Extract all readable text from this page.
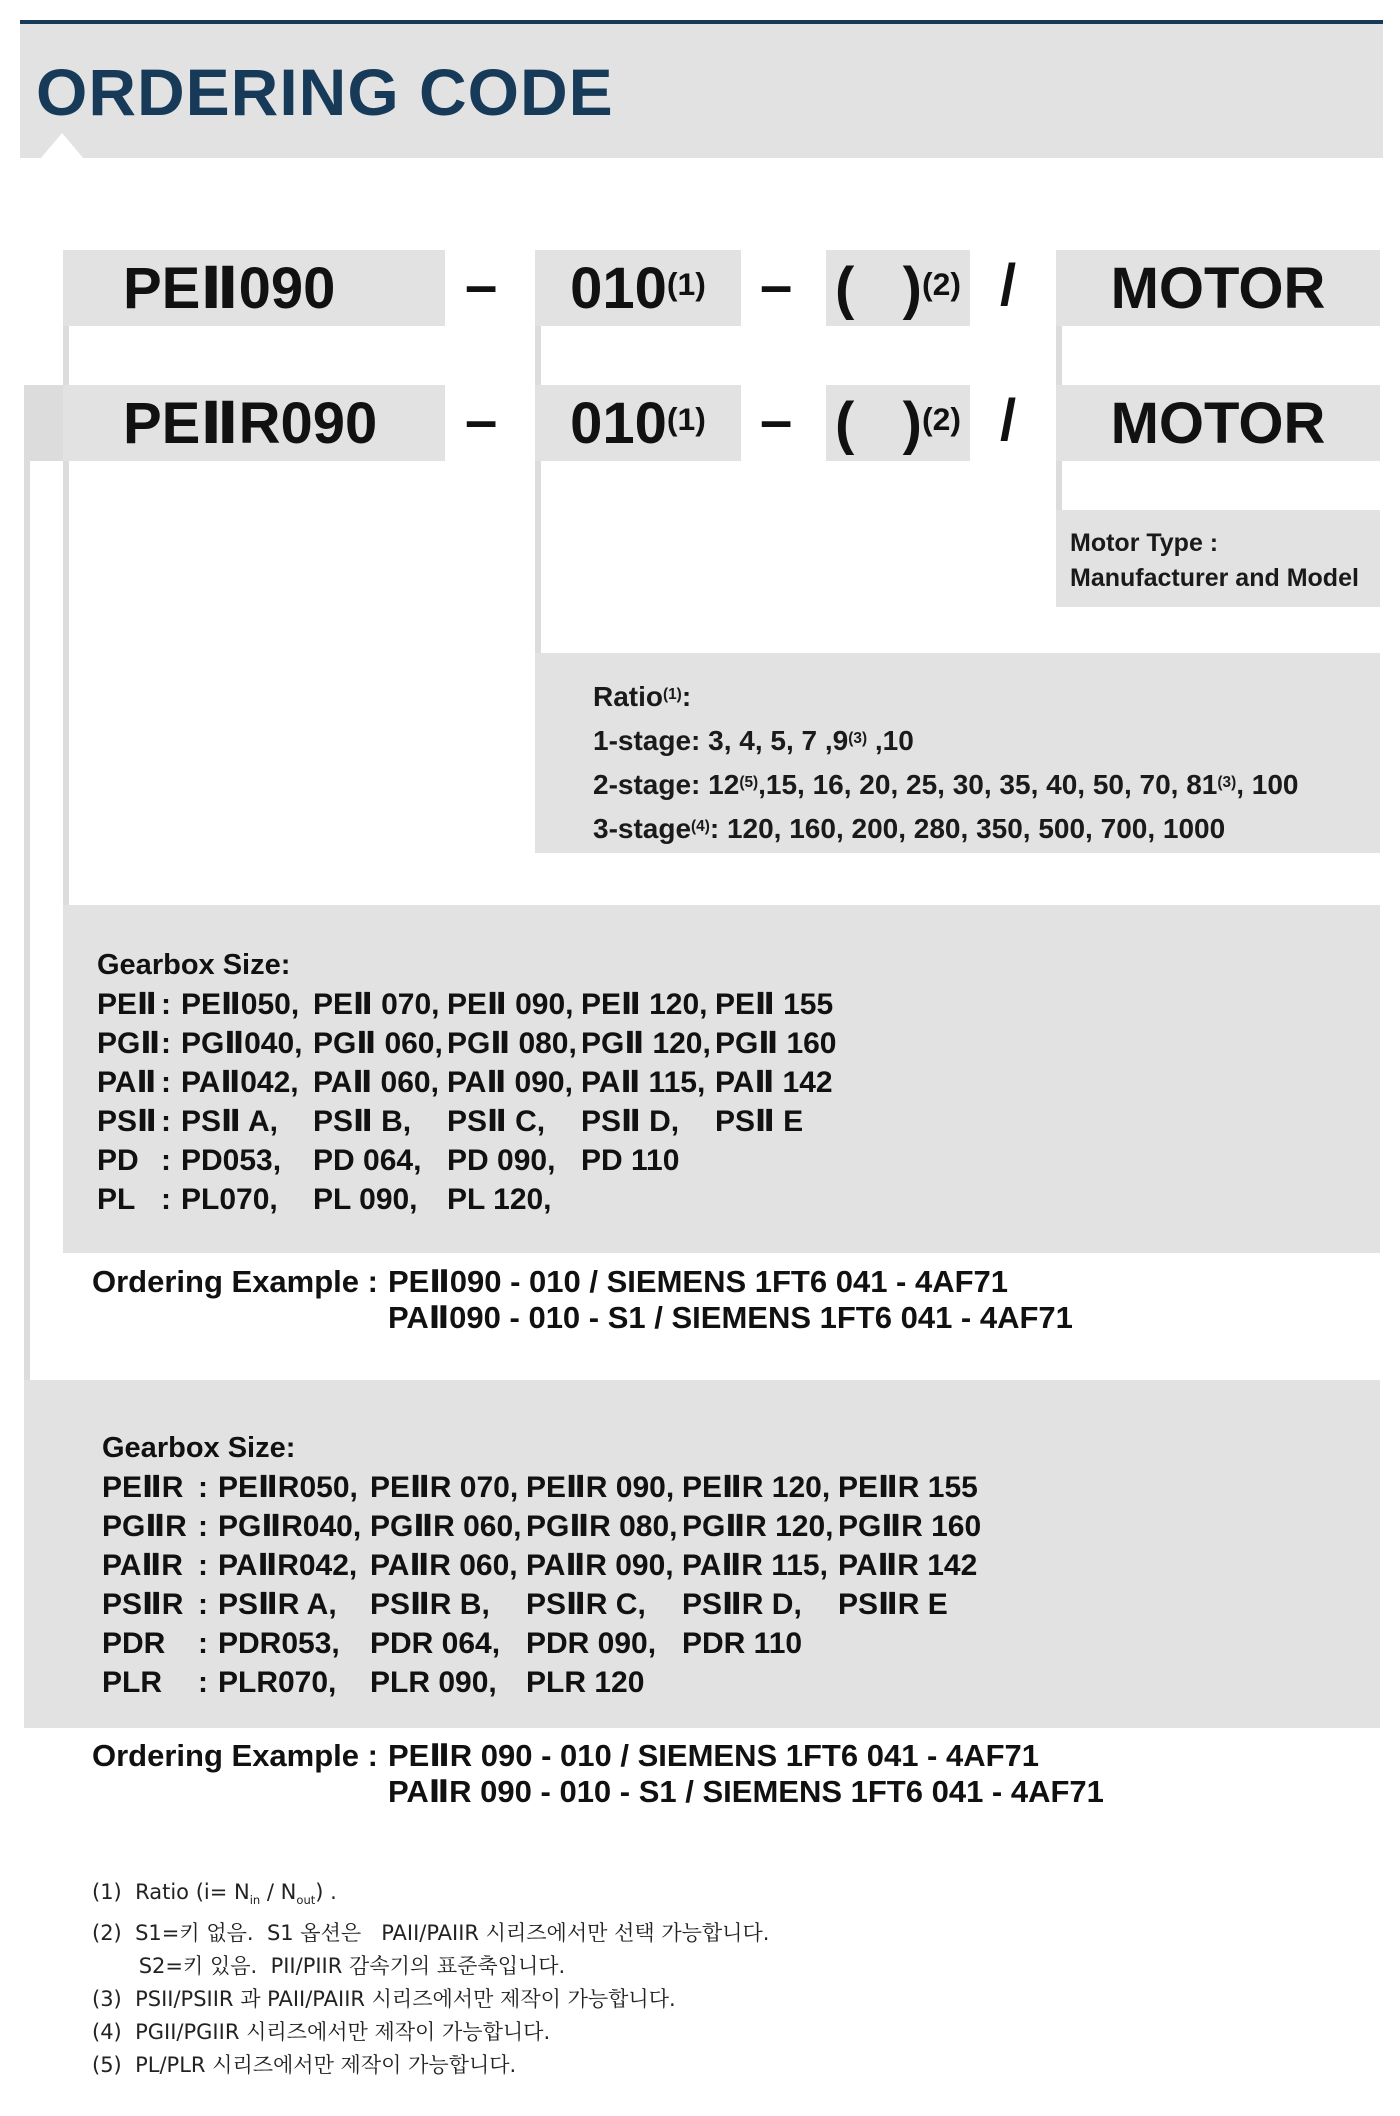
ORDERING CODE
PEⅡ090	– 010$^{(1)}$ – (   )$^{(2)}$ /	MOTOR
PEⅡR090	– 010$^{(1)}$ – (   )$^{(2)}$ /	MOTOR
Motor Type :
Manufacturer and Model
Ratio$^{(1)}$:
1-stage: 3, 4, 5, 7 ,9$^{(3)}$ ,10
2-stage: 12$^{(5)}$,15, 16, 20, 25, 30, 35, 40, 50, 70, 81$^{(3)}$, 100
3-stage$^{(4)}$: 120, 160, 200, 280, 350, 500, 700, 1000
Gearbox Size:
PEⅡ : PEⅡ050, PEⅡ 070, PEⅡ 090, PEⅡ 120, PEⅡ 155
PGⅡ : PGⅡ040, PGⅡ 060, PGⅡ 080, PGⅡ 120, PGⅡ 160
PAⅡ : PAⅡ042, PAⅡ 060, PAⅡ 090, PAⅡ 115, PAⅡ 142
PSⅡ : PSⅡ A,	PSⅡ B,	PSⅡ C,	PSⅡ D,	PSⅡ E
PD : PD053,	PD 064, PD 090, PD 110
PL : PL070,	PL 090, PL 120,
Ordering Example : PEⅡ090 - 010 / SIEMENS 1FT6 041 - 4AF71
PAⅡ090 - 010 - S1 / SIEMENS 1FT6 041 - 4AF71
Gearbox Size:
PEⅡR : PEⅡR050, PEⅡR 070, PEⅡR 090, PEⅡR 120, PEⅡR 155
PGⅡR : PGⅡR040, PGⅡR 060, PGⅡR 080, PGⅡR 120, PGⅡR 160
PAⅡR : PAⅡR042, PAⅡR 060, PAⅡR 090, PAⅡR 115, PAⅡR 142
PSⅡR : PSⅡR A,	PSⅡR B,	PSⅡR C,	PSⅡR D,	PSⅡR E
PDR	: PDR053,	PDR 064, PDR 090, PDR 110
PLR	: PLR070,	PLR 090, PLR 120
Ordering Example : PEⅡR 090 - 010 / SIEMENS 1FT6 041 - 4AF71
PAⅡR 090 - 010 - S1 / SIEMENS 1FT6 041 - 4AF71
(1)  Ratio $(i= N_{in} / N_{out})$ .
(2)  S1=키 없음.  S1 옵션은   PAII/PAIIR 시리즈에서만 선택 가능합니다.
S2=키 있음.  PII/PIIR 감속기의 표준축입니다.
(3)  PSII/PSIIR 과 PAII/PAIIR 시리즈에서만 제작이 가능합니다.
(4)  PGII/PGIIR 시리즈에서만 제작이 가능합니다.
(5)  PL/PLR 시리즈에서만 제작이 가능합니다.
